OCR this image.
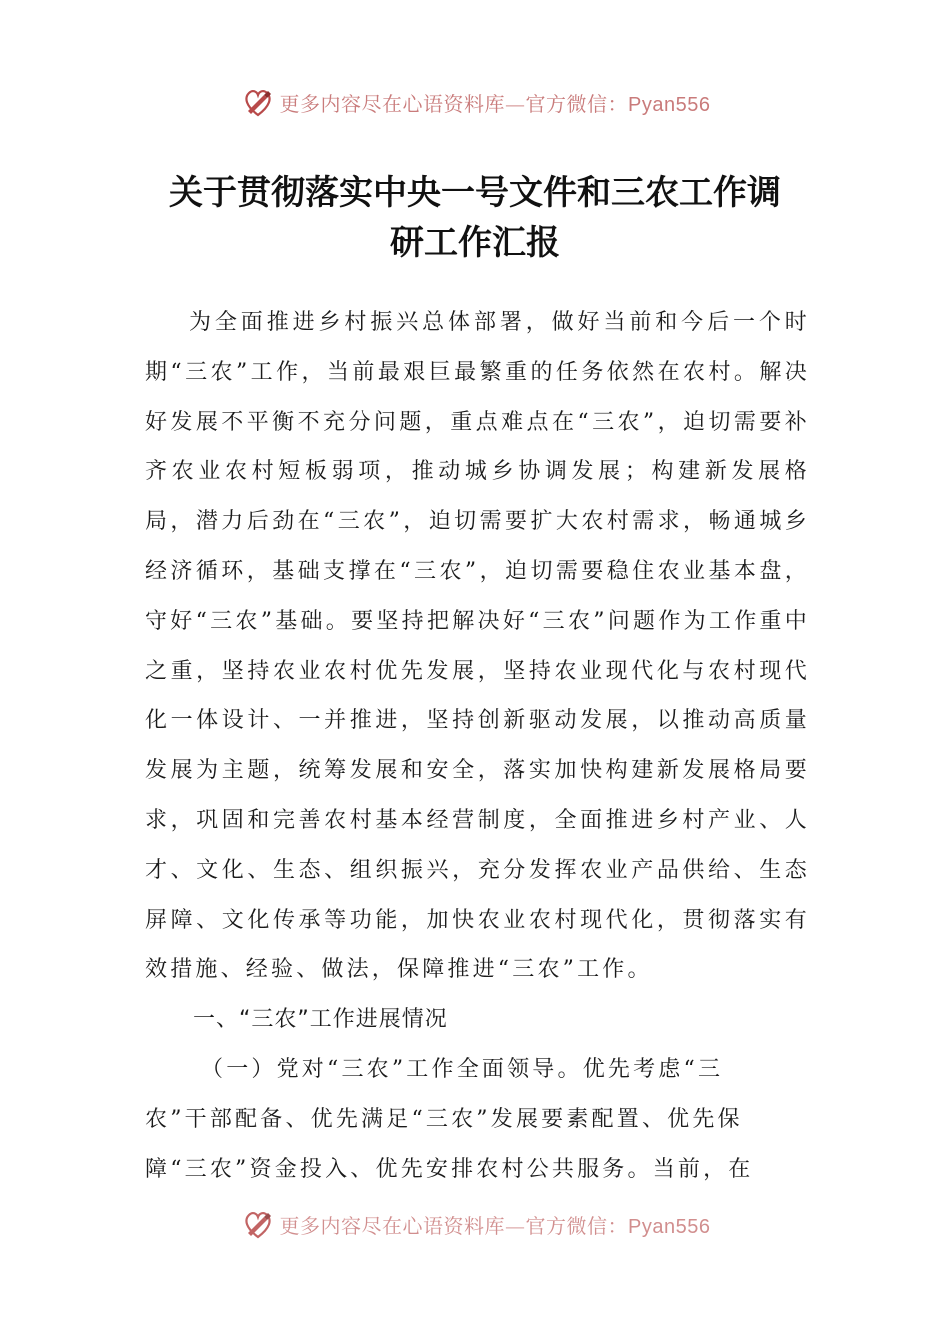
更多内容尽在心语资料库—官方微信：Pyan556
关于贯彻落实中央一号文件和三农工作调
研工作汇报

为全面推进乡村振兴总体部署，做好当前和今后一个时期“三农”工作，当前最艰巨最繁重的任务依然在农村。解决好发展不平衡不充分问题，重点难点在“三农”，迫切需要补齐农业农村短板弱项，推动城乡协调发展；构建新发展格局，潜力后劲在“三农”，迫切需要扩大农村需求，畅通城乡经济循环，基础支撑在“三农”，迫切需要稳住农业基本盘，守好“三农”基础。要坚持把解决好“三农”问题作为工作重中之重，坚持农业农村优先发展，坚持农业现代化与农村现代化一体设计、一并推进，坚持创新驱动发展，以推动高质量发展为主题，统筹发展和安全，落实加快构建新发展格局要求，巩固和完善农村基本经营制度，全面推进乡村产业、人才、文化、生态、组织振兴，充分发挥农业产品供给、生态屏障、文化传承等功能，加快农业农村现代化，贯彻落实有效措施、经验、做法，保障推进“三农”工作。

一、“三农”工作进展情况

（一）党对“三农”工作全面领导。优先考虑“三

农”干部配备、优先满足“三农”发展要素配置、优先保

障“三农”资金投入、优先安排农村公共服务。当前，在

更多内容尽在心语资料库—官方微信：Pyan556
